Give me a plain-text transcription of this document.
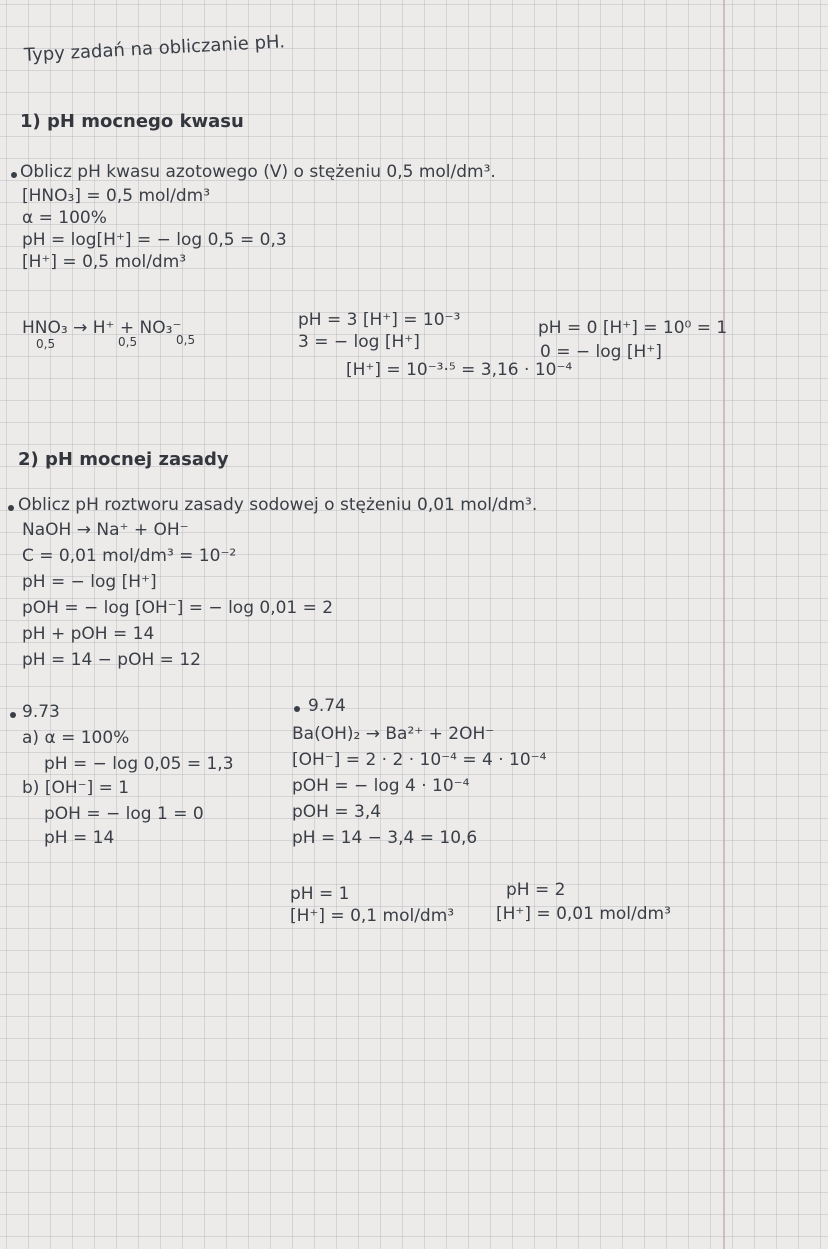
Typy zadań na obliczanie pH.
1) pH mocnego kwasu
Oblicz pH kwasu azotowego (V) o stężeniu 0,5 mol/dm³.
[HNO₃] = 0,5 mol/dm³
α = 100%
pH = log[H⁺] = − log 0,5 = 0,3
[H⁺] = 0,5 mol/dm³
HNO₃ → H⁺ + NO₃⁻
0,5	0,5	0,5
pH = 3 [H⁺] = 10⁻³
3 = − log [H⁺]
[H⁺] = 10⁻³·⁵ = 3,16 · 10⁻⁴
pH = 0 [H⁺] = 10⁰ = 1
0 = − log [H⁺]
2) pH mocnej zasady
Oblicz pH roztworu zasady sodowej o stężeniu 0,01 mol/dm³.
NaOH → Na⁺ + OH⁻
C = 0,01 mol/dm³ = 10⁻²
pH = − log [H⁺]
pOH = − log [OH⁻] = − log 0,01 = 2
pH + pOH = 14
pH = 14 − pOH = 12
9.73
a) α = 100%
pH = − log 0,05 = 1,3
b) [OH⁻] = 1
pOH = − log 1 = 0
pH = 14
9.74
Ba(OH)₂ → Ba²⁺ + 2OH⁻
[OH⁻] = 2 · 2 · 10⁻⁴ = 4 · 10⁻⁴
pOH = − log 4 · 10⁻⁴
pOH = 3,4
pH = 14 − 3,4 = 10,6
pH = 1
[H⁺] = 0,1 mol/dm³
pH = 2
[H⁺] = 0,01 mol/dm³
